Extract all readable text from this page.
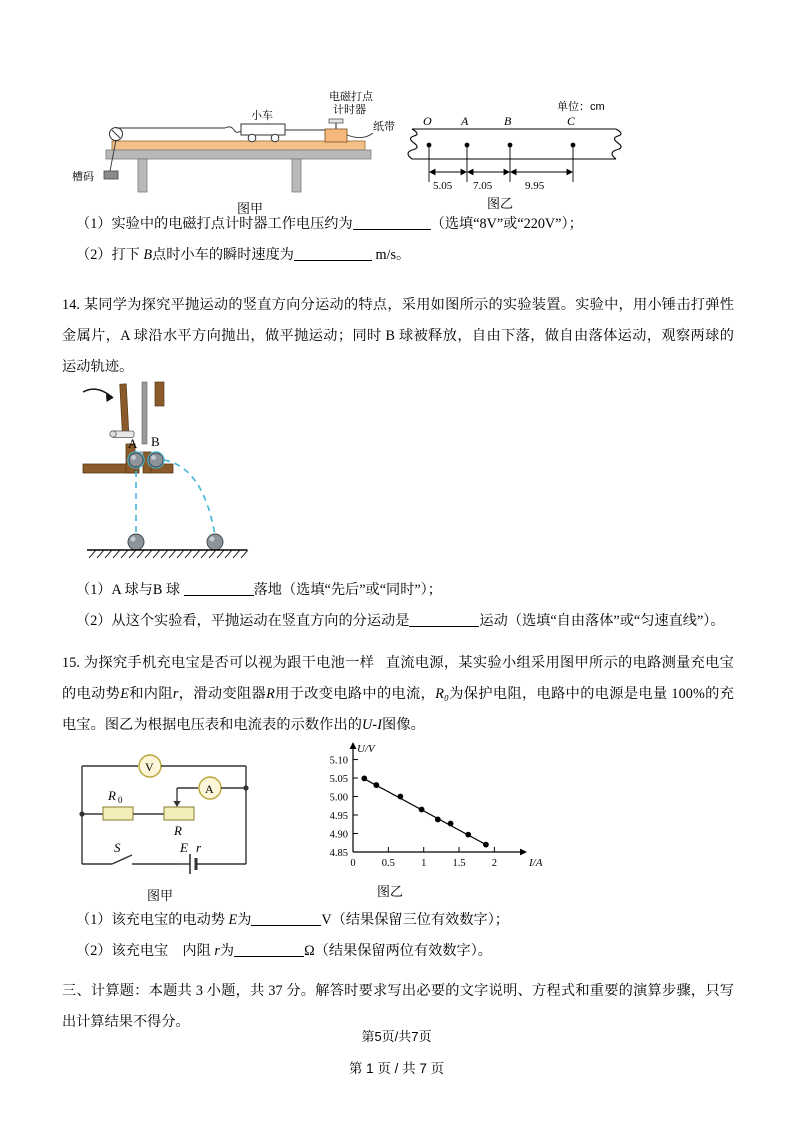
电磁打点
计时器
小车
纸带
槽码
图甲
O A	B	C
5.05 7.05	9.95
单位：cm
图乙
（1）实验中的电磁打点计时器工作电压约为	（选填“8V”或“220V”）；
（2）打下 B点时小车的瞬时速度为	m/s。
14. 某同学为探究平抛运动的竖直方向分运动的特点，采用如图所示的实验装置。实验中，用小锤击打弹性金属片，A 球沿水平方向抛出，做平抛运动；同时 B 球被释放，自由下落，做自由落体运动，观察两球的运动轨迹。
A B
（1）A 球与B 球	落地（选填“先后”或“同时”）；
（2）从这个实验看，平抛运动在竖直方向的分运动是	运动（选填“自由落体”或“匀速直线”）。
15. 为探究手机充电宝是否可以视为跟干电池一样 直流电源，某实验小组采用图甲所示的电路测量充电宝的电动势E和内阻r，滑动变阻器R用于改变电路中的电流，R₀为保护电阻，电路中的电源是电量 100%的充电宝。图乙为根据电压表和电流表的示数作出的U-I图像。
V
A
R 0
R
S	E r
图甲
4.85
4.90
4.95
5.00
5.05
5.10
0 0.5 1 1.5 2
U/V
I/A
图乙
（1）该充电宝的电动势 E为	V（结果保留三位有效数字）；
（2）该充电宝　内阻 r为	Ω（结果保留两位有效数字）。
三、计算题：本题共 3 小题，共 37 分。解答时要求写出必要的文字说明、方程式和重要的演算步骤，只写出计算结果不得分。
第5页/共7页
第 1 页 / 共 7 页
